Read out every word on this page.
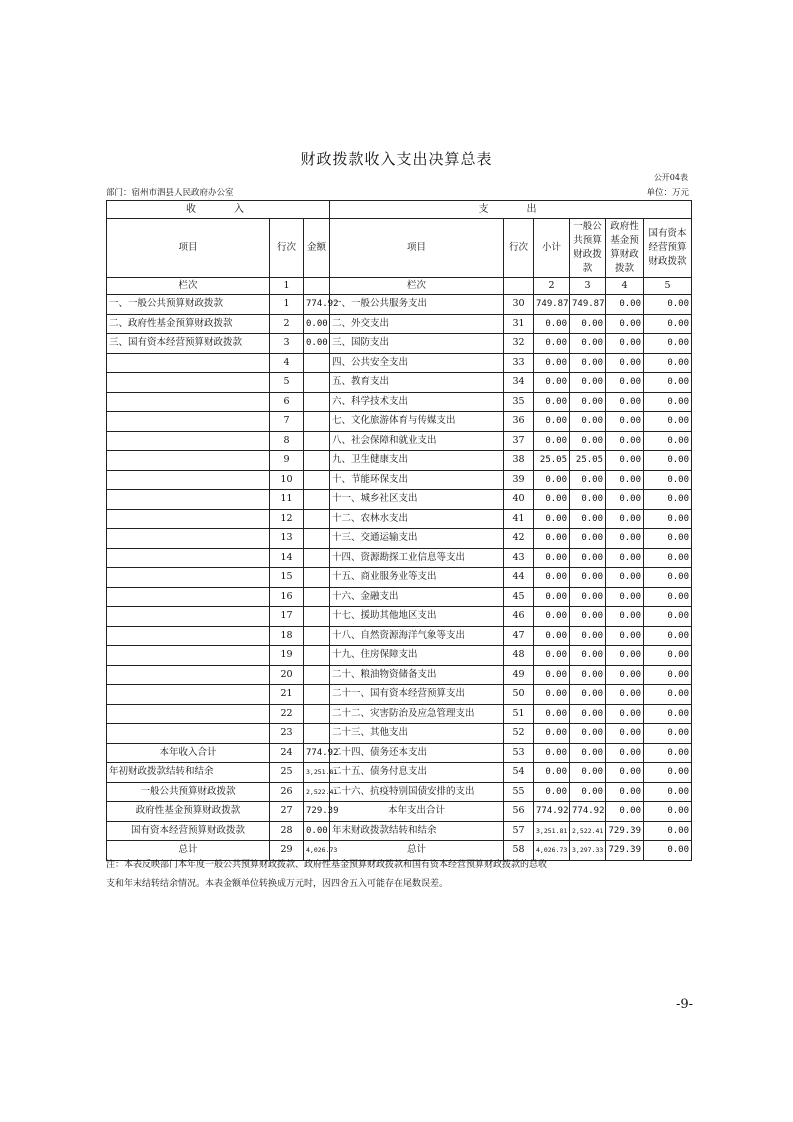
财政拨款收入支出决算总表
公开04表
部门：宿州市泗县人民政府办公室	单位：万元
收　　入			支　　出					
项目	行次	金额	项目	行次	小计	一般公共预算财政拨款	政府性基金预算财政拨款	国有资本经营预算财政拨款
栏次	1		栏次		2	3	4	5
一、一般公共预算财政拨款	1	774.92	一、一般公共服务支出	30	749.87	749.87	0.00	0.00
二、政府性基金预算财政拨款	2	0.00	二、外交支出	31	0.00	0.00	0.00	0.00
三、国有资本经营预算财政拨款	3	0.00	三、国防支出	32	0.00	0.00	0.00	0.00
	4		四、公共安全支出	33	0.00	0.00	0.00	0.00
	5		五、教育支出	34	0.00	0.00	0.00	0.00
	6		六、科学技术支出	35	0.00	0.00	0.00	0.00
	7		七、文化旅游体育与传媒支出	36	0.00	0.00	0.00	0.00
	8		八、社会保障和就业支出	37	0.00	0.00	0.00	0.00
	9		九、卫生健康支出	38	25.05	25.05	0.00	0.00
	10		十、节能环保支出	39	0.00	0.00	0.00	0.00
	11		十一、城乡社区支出	40	0.00	0.00	0.00	0.00
	12		十二、农林水支出	41	0.00	0.00	0.00	0.00
	13		十三、交通运输支出	42	0.00	0.00	0.00	0.00
	14		十四、资源勘探工业信息等支出	43	0.00	0.00	0.00	0.00
	15		十五、商业服务业等支出	44	0.00	0.00	0.00	0.00
	16		十六、金融支出	45	0.00	0.00	0.00	0.00
	17		十七、援助其他地区支出	46	0.00	0.00	0.00	0.00
	18		十八、自然资源海洋气象等支出	47	0.00	0.00	0.00	0.00
	19		十九、住房保障支出	48	0.00	0.00	0.00	0.00
	20		二十、粮油物资储备支出	49	0.00	0.00	0.00	0.00
	21		二十一、国有资本经营预算支出	50	0.00	0.00	0.00	0.00
	22		二十二、灾害防治及应急管理支出	51	0.00	0.00	0.00	0.00
	23		二十三、其他支出	52	0.00	0.00	0.00	0.00
本年收入合计	24	774.92	二十四、债务还本支出	53	0.00	0.00	0.00	0.00
年初财政拨款结转和结余	25	3,251.81	二十五、债务付息支出	54	0.00	0.00	0.00	0.00
一般公共预算财政拨款	26	2,522.41	二十六、抗疫特别国债安排的支出	55	0.00	0.00	0.00	0.00
政府性基金预算财政拨款	27	729.39	本年支出合计	56	774.92	774.92	0.00	0.00
国有资本经营预算财政拨款	28	0.00	年末财政拨款结转和结余	57	3,251.81	2,522.41	729.39	0.00
总计	29	4,026.73	总计	58	4,026.73	3,297.33	729.39	0.00
注：本表反映部门本年度一般公共预算财政拨款、政府性基金预算财政拨款和国有资本经营预算财政拨款的总收
支和年末结转结余情况。本表金额单位转换成万元时，因四舍五入可能存在尾数误差。
-9-
